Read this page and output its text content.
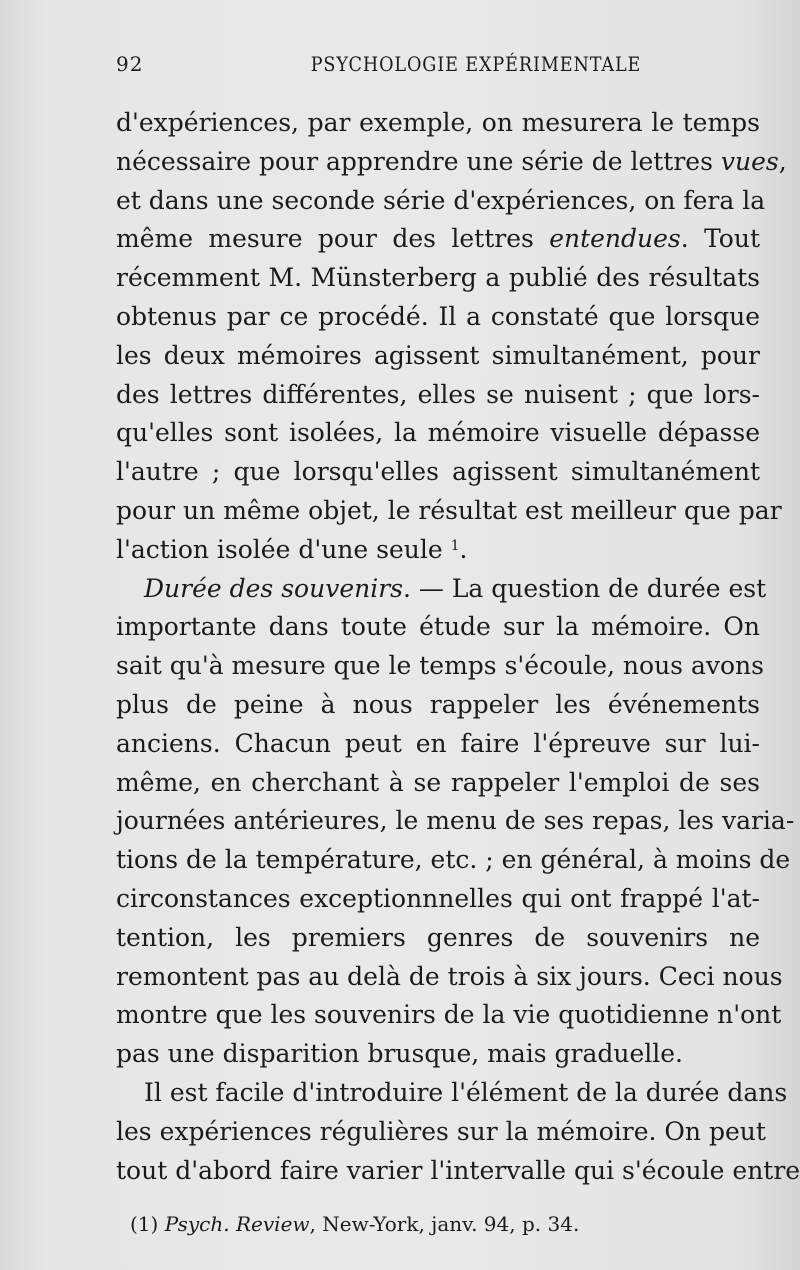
92	PSYCHOLOGIE EXPÉRIMENTALE
d'expériences, par exemple, on mesurera le temps
nécessaire pour apprendre une série de lettres vues,
et dans une seconde série d'expériences, on fera la
même mesure pour des lettres entendues. Tout
récemment M. Münsterberg a publié des résultats
obtenus par ce procédé. Il a constaté que lorsque
les deux mémoires agissent simultanément, pour
des lettres différentes, elles se nuisent ; que lors-
qu'elles sont isolées, la mémoire visuelle dépasse
l'autre ; que lorsqu'elles agissent simultanément
pour un même objet, le résultat est meilleur que par
l'action isolée d'une seule $^1$.
Durée des souvenirs. — La question de durée est
importante dans toute étude sur la mémoire. On
sait qu'à mesure que le temps s'écoule, nous avons
plus de peine à nous rappeler les événements
anciens. Chacun peut en faire l'épreuve sur lui-
même, en cherchant à se rappeler l'emploi de ses
journées antérieures, le menu de ses repas, les varia-
tions de la température, etc. ; en général, à moins de
circonstances exceptionnnelles qui ont frappé l'at-
tention, les premiers genres de souvenirs ne
remontent pas au delà de trois à six jours. Ceci nous
montre que les souvenirs de la vie quotidienne n'ont
pas une disparition brusque, mais graduelle.
Il est facile d'introduire l'élément de la durée dans
les expériences régulières sur la mémoire. On peut
tout d'abord faire varier l'intervalle qui s'écoule entre
(1) Psych. Review, New-York, janv. 94, p. 34.
